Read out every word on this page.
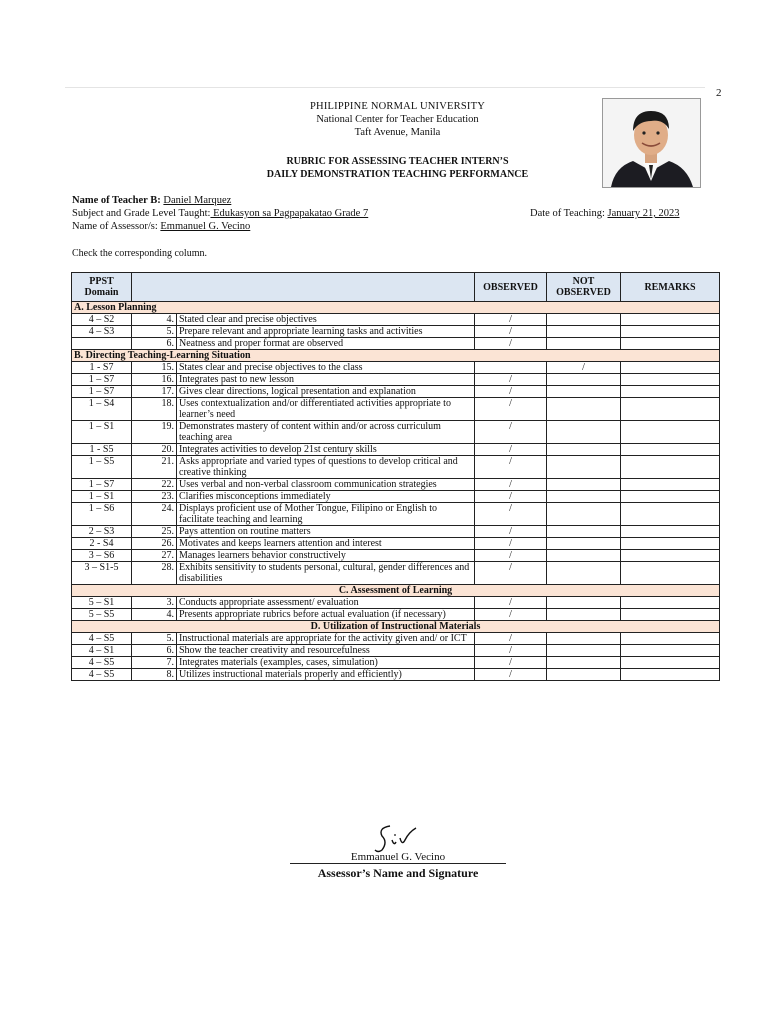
2
PHILIPPINE NORMAL UNIVERSITY
National Center for Teacher Education
Taft Avenue, Manila
RUBRIC FOR ASSESSING TEACHER INTERN’S
DAILY DEMONSTRATION TEACHING PERFORMANCE
Name of Teacher B: Daniel Marquez
Subject and Grade Level Taught: Edukasyon sa Pagpapakatao Grade 7	Date of Teaching: January 21, 2023
Name of Assessor/s: Emmanuel G. Vecino
Check the corresponding column.
PPST Domain			OBSERVED	NOT OBSERVED	REMARKS
A. Lesson Planning					
4 – S2	4.	Stated clear and precise objectives	/		
4 – S3	5.	Prepare relevant and appropriate learning tasks and activities	/		
	6.	Neatness and proper format are observed	/		
B. Directing Teaching-Learning Situation					
1 - S7	15.	States clear and precise objectives to the class		/	
1 – S7	16.	Integrates past to new lesson	/		
1 – S7	17.	Gives clear directions, logical presentation and explanation	/		
1 – S4	18.	Uses contextualization and/or differentiated activities appropriate to learner’s need	/		
1 – S1	19.	Demonstrates mastery of content within and/or across curriculum teaching area	/		
1 - S5	20.	Integrates activities to develop 21st century skills	/		
1 – S5	21.	Asks appropriate and varied types of questions to develop critical and creative thinking	/		
1 – S7	22.	Uses verbal and non-verbal classroom communication strategies	/		
1 – S1	23.	Clarifies misconceptions immediately	/		
1 – S6	24.	Displays proficient use of Mother Tongue, Filipino or English to facilitate teaching and learning	/		
2 – S3	25.	Pays attention on routine matters	/		
2 - S4	26.	Motivates and keeps learners attention and interest	/		
3 – S6	27.	Manages learners behavior constructively	/		
3 – S1-5	28.	Exhibits sensitivity to students personal, cultural, gender differences and disabilities	/		
C. Assessment of Learning					
5 – S1	3.	Conducts appropriate assessment/ evaluation	/		
5 – S5	4.	Presents appropriate rubrics before actual evaluation (if necessary)	/		
D. Utilization of Instructional Materials					
4 – S5	5.	Instructional materials are appropriate for the activity given and/ or ICT	/		
4 – S1	6.	Show the teacher creativity and resourcefulness	/		
4 – S5	7.	Integrates materials (examples, cases, simulation)	/		
4 – S5	8.	Utilizes instructional materials properly and efficiently)	/		
Emmanuel G. Vecino
Assessor’s Name and Signature
